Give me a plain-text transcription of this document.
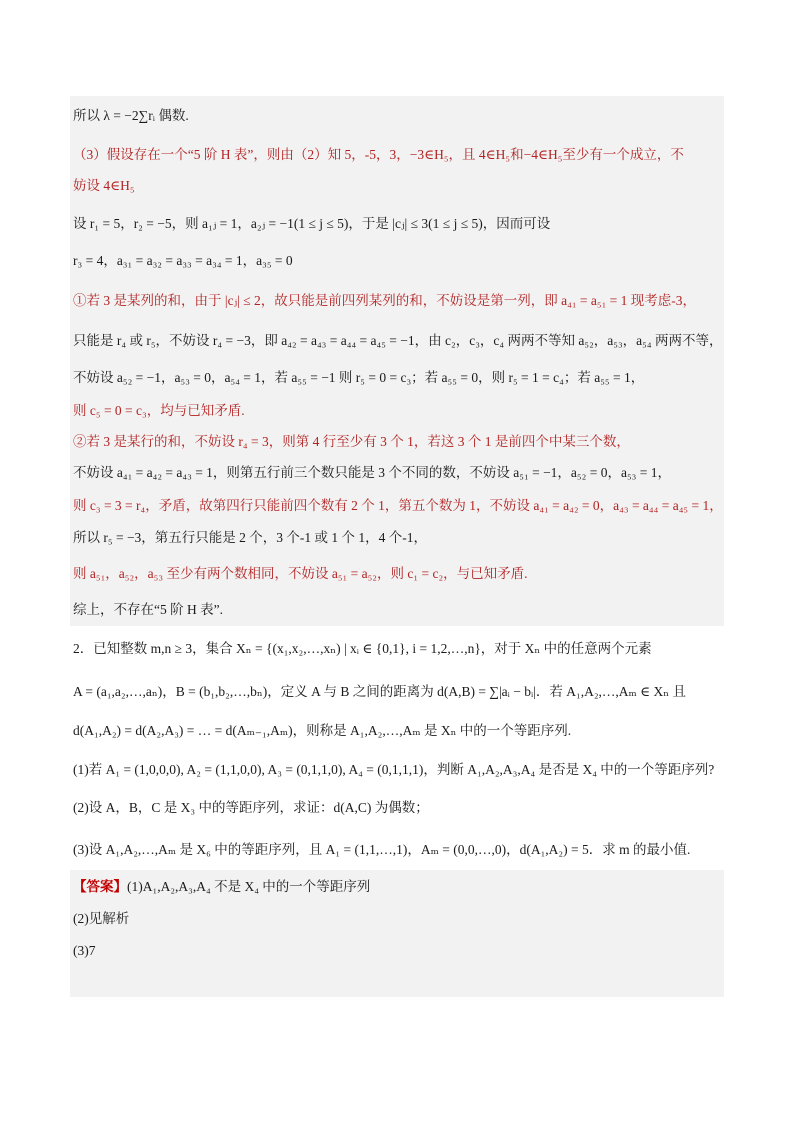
所以 λ = −2∑rᵢ 偶数.
（3）假设存在一个“5 阶 H 表”，则由（2）知 5，-5，3，−3∈H₅，且 4∈H₅和−4∈H₅至少有一个成立，不
妨设 4∈H₅
设 r₁ = 5，r₂ = −5，则 a₁ⱼ = 1，a₂ⱼ = −1(1 ≤ j ≤ 5)，于是 |cⱼ| ≤ 3(1 ≤ j ≤ 5)，因而可设
r₃ = 4，a₃₁ = a₃₂ = a₃₃ = a₃₄ = 1，a₃₅ = 0
①若 3 是某列的和，由于 |cⱼ| ≤ 2，故只能是前四列某列的和，不妨设是第一列，即 a₄₁ = a₅₁ = 1 现考虑-3，
只能是 r₄ 或 r₅，不妨设 r₄ = −3，即 a₄₂ = a₄₃ = a₄₄ = a₄₅ = −1，由 c₂，c₃，c₄ 两两不等知 a₅₂，a₅₃，a₅₄ 两两不等，
不妨设 a₅₂ = −1，a₅₃ = 0，a₅₄ = 1，若 a₅₅ = −1 则 r₅ = 0 = c₃；若 a₅₅ = 0，则 r₅ = 1 = c₄；若 a₅₅ = 1，
则 c₅ = 0 = c₃，均与已知矛盾.
②若 3 是某行的和，不妨设 r₄ = 3，则第 4 行至少有 3 个 1，若这 3 个 1 是前四个中某三个数，
不妨设 a₄₁ = a₄₂ = a₄₃ = 1，则第五行前三个数只能是 3 个不同的数，不妨设 a₅₁ = −1，a₅₂ = 0，a₅₃ = 1，
则 c₃ = 3 = r₄，矛盾，故第四行只能前四个数有 2 个 1，第五个数为 1，不妨设 a₄₁ = a₄₂ = 0，a₄₃ = a₄₄ = a₄₅ = 1，
所以 r₅ = −3，第五行只能是 2 个，3 个-1 或 1 个 1，4 个-1，
则 a₅₁，a₅₂，a₅₃ 至少有两个数相同，不妨设 a₅₁ = a₅₂，则 c₁ = c₂，与已知矛盾.
综上，不存在“5 阶 H 表”.
2．已知整数 m,n ≥ 3，集合 Xₙ = {(x₁,x₂,…,xₙ) | xᵢ ∈ {0,1}, i = 1,2,…,n}，对于 Xₙ 中的任意两个元素
A = (a₁,a₂,…,aₙ)，B = (b₁,b₂,…,bₙ)，定义 A 与 B 之间的距离为 d(A,B) = ∑|aᵢ − bᵢ|．若 A₁,A₂,…,Aₘ ∈ Xₙ 且
d(A₁,A₂) = d(A₂,A₃) = … = d(Aₘ₋₁,Aₘ)，则称是 A₁,A₂,…,Aₘ 是 Xₙ 中的一个等距序列.
(1)若 A₁ = (1,0,0,0), A₂ = (1,1,0,0), A₃ = (0,1,1,0), A₄ = (0,1,1,1)，判断 A₁,A₂,A₃,A₄ 是否是 X₄ 中的一个等距序列?
(2)设 A，B，C 是 X₃ 中的等距序列，求证：d(A,C) 为偶数；
(3)设 A₁,A₂,…,Aₘ 是 X₆ 中的等距序列，且 A₁ = (1,1,…,1)，Aₘ = (0,0,…,0)，d(A₁,A₂) = 5．求 m 的最小值.
【答案】(1)A₁,A₂,A₃,A₄ 不是 X₄ 中的一个等距序列
(2)见解析
(3)7
